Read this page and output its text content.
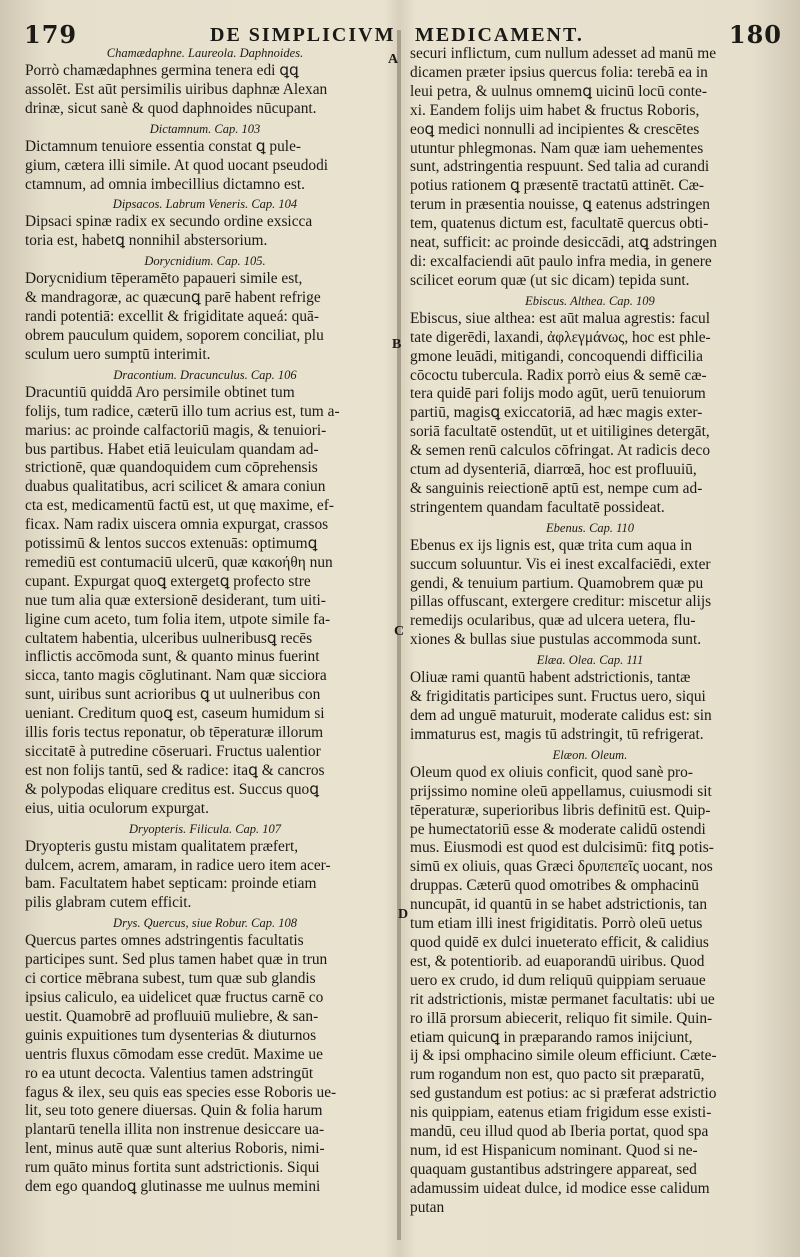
179	DE SIMPLICIVM MEDICAMENT.	180
A
B
C
D
Chamædaphne. Laureola. Daphnoides.

Porrò chamædaphnes germina tenera edi ꝗꝗ

assolēt. Est aūt persimilis uiribus daphnæ Alexan

drinæ, sicut sanè & quod daphnoides nūcupant.

Dictamnum. Cap. 103

Dictamnum tenuiore essentia constat ꝗ pule-

gium, cætera illi simile. At quod uocant pseudodi

ctamnum, ad omnia imbecillius dictamno est.

Dipsacos. Labrum Veneris. Cap. 104

Dipsaci spinæ radix ex secundo ordine exsicca

toria est, habetꝗ nonnihil abstersorium.

Dorycnidium. Cap. 105.

Dorycnidium tēperamēto papaueri simile est,

& mandragoræ, ac quæcunꝗ parē habent refrige

randi potentiā: excellit & frigiditate aqueá: quā-

obrem pauculum quidem, soporem conciliat, plu

sculum uero sumptū interimit.

Dracontium. Dracunculus. Cap. 106

Dracuntiū quiddā Aro persimile obtinet tum

folijs, tum radice, cæterū illo tum acrius est, tum a-

marius: ac proinde calfactoriū magis, & tenuiori-

bus partibus. Habet etiā leuiculam quandam ad-

strictionē, quæ quandoquidem cum cōprehensis

duabus qualitatibus, acri scilicet & amara coniun

cta est, medicamentū factū est, ut quę maxime, ef-

ficax. Nam radix uiscera omnia expurgat, crassos

potissimū & lentos succos extenuās: optimumꝗ

remediū est contumaciū ulcerū, quæ κακοήθη nun

cupant. Expurgat quoꝗ extergetꝗ profecto stre

nue tum alia quæ extersionē desiderant, tum uiti-

ligine cum aceto, tum folia item, utpote simile fa-

cultatem habentia, ulceribus uulneribusꝗ recēs

inflictis accōmoda sunt, & quanto minus fuerint

sicca, tanto magis cōglutinant. Nam quæ sicciora

sunt, uiribus sunt acrioribus ꝗ ut uulneribus con

ueniant. Creditum quoꝗ est, caseum humidum si

illis foris tectus reponatur, ob tēperaturæ illorum

siccitatē à putredine cōseruari. Fructus ualentior

est non folijs tantū, sed & radice: itaꝗ & cancros

& polypodas eliquare creditus est. Succus quoꝗ

eius, uitia oculorum expurgat.

Dryopteris. Filicula. Cap. 107

Dryopteris gustu mistam qualitatem præfert,

dulcem, acrem, amaram, in radice uero item acer-

bam. Facultatem habet septicam: proinde etiam

pilis glabram cutem efficit.

Drys. Quercus, siue Robur. Cap. 108

Quercus partes omnes adstringentis facultatis

participes sunt. Sed plus tamen habet quæ in trun

ci cortice mēbrana subest, tum quæ sub glandis

ipsius caliculo, ea uidelicet quæ fructus carnē co

uestit. Quamobrē ad profluuiū muliebre, & san-

guinis expuitiones tum dysenterias & diuturnos

uentris fluxus cōmodam esse credūt. Maxime ue

ro ea utunt decocta. Valentius tamen adstringūt

fagus & ilex, seu quis eas species esse Roboris ue-

lit, seu toto genere diuersas. Quin & folia harum

plantarū tenella illita non instrenue desiccare ua-

lent, minus autē quæ sunt alterius Roboris, nimi-

rum quāto minus fortita sunt adstrictionis. Siqui

dem ego quandoꝗ glutinasse me uulnus memini

securi inflictum, cum nullum adesset ad manū me

dicamen præter ipsius quercus folia: terebā ea in

leui petra, & uulnus omnemꝗ uicinū locū conte-

xi. Eandem folijs uim habet & fructus Roboris,

eoꝗ medici nonnulli ad incipientes & crescētes

utuntur phlegmonas. Nam quæ iam uehementes

sunt, adstringentia respuunt. Sed talia ad curandi

potius rationem ꝗ præsentē tractatū attinēt. Cæ-

terum in præsentia nouisse, ꝗ eatenus adstringen

tem, quatenus dictum est, facultatē quercus obti-

neat, sufficit: ac proinde desiccādi, atꝗ adstringen

di: excalfaciendi aūt paulo infra media, in genere

scilicet eorum quæ (ut sic dicam) tepida sunt.

Ebiscus. Althea. Cap. 109

Ebiscus, siue althea: est aūt malua agrestis: facul

tate digerēdi, laxandi, ἀφλεγμάνως, hoc est phle-

gmone leuādi, mitigandi, concoquendi difficilia

cōcoctu tubercula. Radix porrò eius & semē cæ-

tera quidē pari folijs modo agūt, uerū tenuiorum

partiū, magisꝗ exiccatoriā, ad hæc magis exter-

soriā facultatē ostendūt, ut et uitiligines detergāt,

& semen renū calculos cōfringat. At radicis deco

ctum ad dysenteriā, diarrœā, hoc est profluuiū,

& sanguinis reiectionē aptū est, nempe cum ad-

stringentem quandam facultatē possideat.

Ebenus. Cap. 110

Ebenus ex ijs lignis est, quæ trita cum aqua in

succum soluuntur. Vis ei inest excalfaciēdi, exter

gendi, & tenuium partium. Quamobrem quæ pu

pillas offuscant, extergere creditur: miscetur alijs

remedijs ocularibus, quæ ad ulcera uetera, flu-

xiones & bullas siue pustulas accommoda sunt.

Elæa. Olea. Cap. 111

Oliuæ rami quantū habent adstrictionis, tantæ

& frigiditatis participes sunt. Fructus uero, siqui

dem ad unguē maturuit, moderate calidus est: sin

immaturus est, magis tū adstringit, tū refrigerat.

Elæon. Oleum.

Oleum quod ex oliuis conficit, quod sanè pro-

prijssimo nomine oleū appellamus, cuiusmodi sit

tēperaturæ, superioribus libris definitū est. Quip-

pe humectatoriū esse & moderate calidū ostendi

mus. Eiusmodi est quod est dulcisimū: fitꝗ potis-

simū ex oliuis, quas Græci δρυπεπεῖς uocant, nos

druppas. Cæterū quod omotribes & omphacinū

nuncupāt, id quantū in se habet adstrictionis, tan

tum etiam illi inest frigiditatis. Porrò oleū uetus

quod quidē ex dulci inueterato efficit, & calidius

est, & potentiorib. ad euaporandū uiribus. Quod

uero ex crudo, id dum reliquū quippiam seruaue

rit adstrictionis, mistæ permanet facultatis: ubi ue

ro illā prorsum abiecerit, reliquo fit simile. Quin-

etiam quicunꝗ in præparando ramos inijciunt,

ij & ipsi omphacino simile oleum efficiunt. Cæte-

rum rogandum non est, quo pacto sit præparatū,

sed gustandum est potius: ac si præferat adstrictio

nis quippiam, eatenus etiam frigidum esse existi-

mandū, ceu illud quod ab Iberia portat, quod spa

num, id est Hispanicum nominant. Quod si ne-

quaquam gustantibus adstringere appareat, sed

adamussim uideat dulce, id modice esse calidum

putan
